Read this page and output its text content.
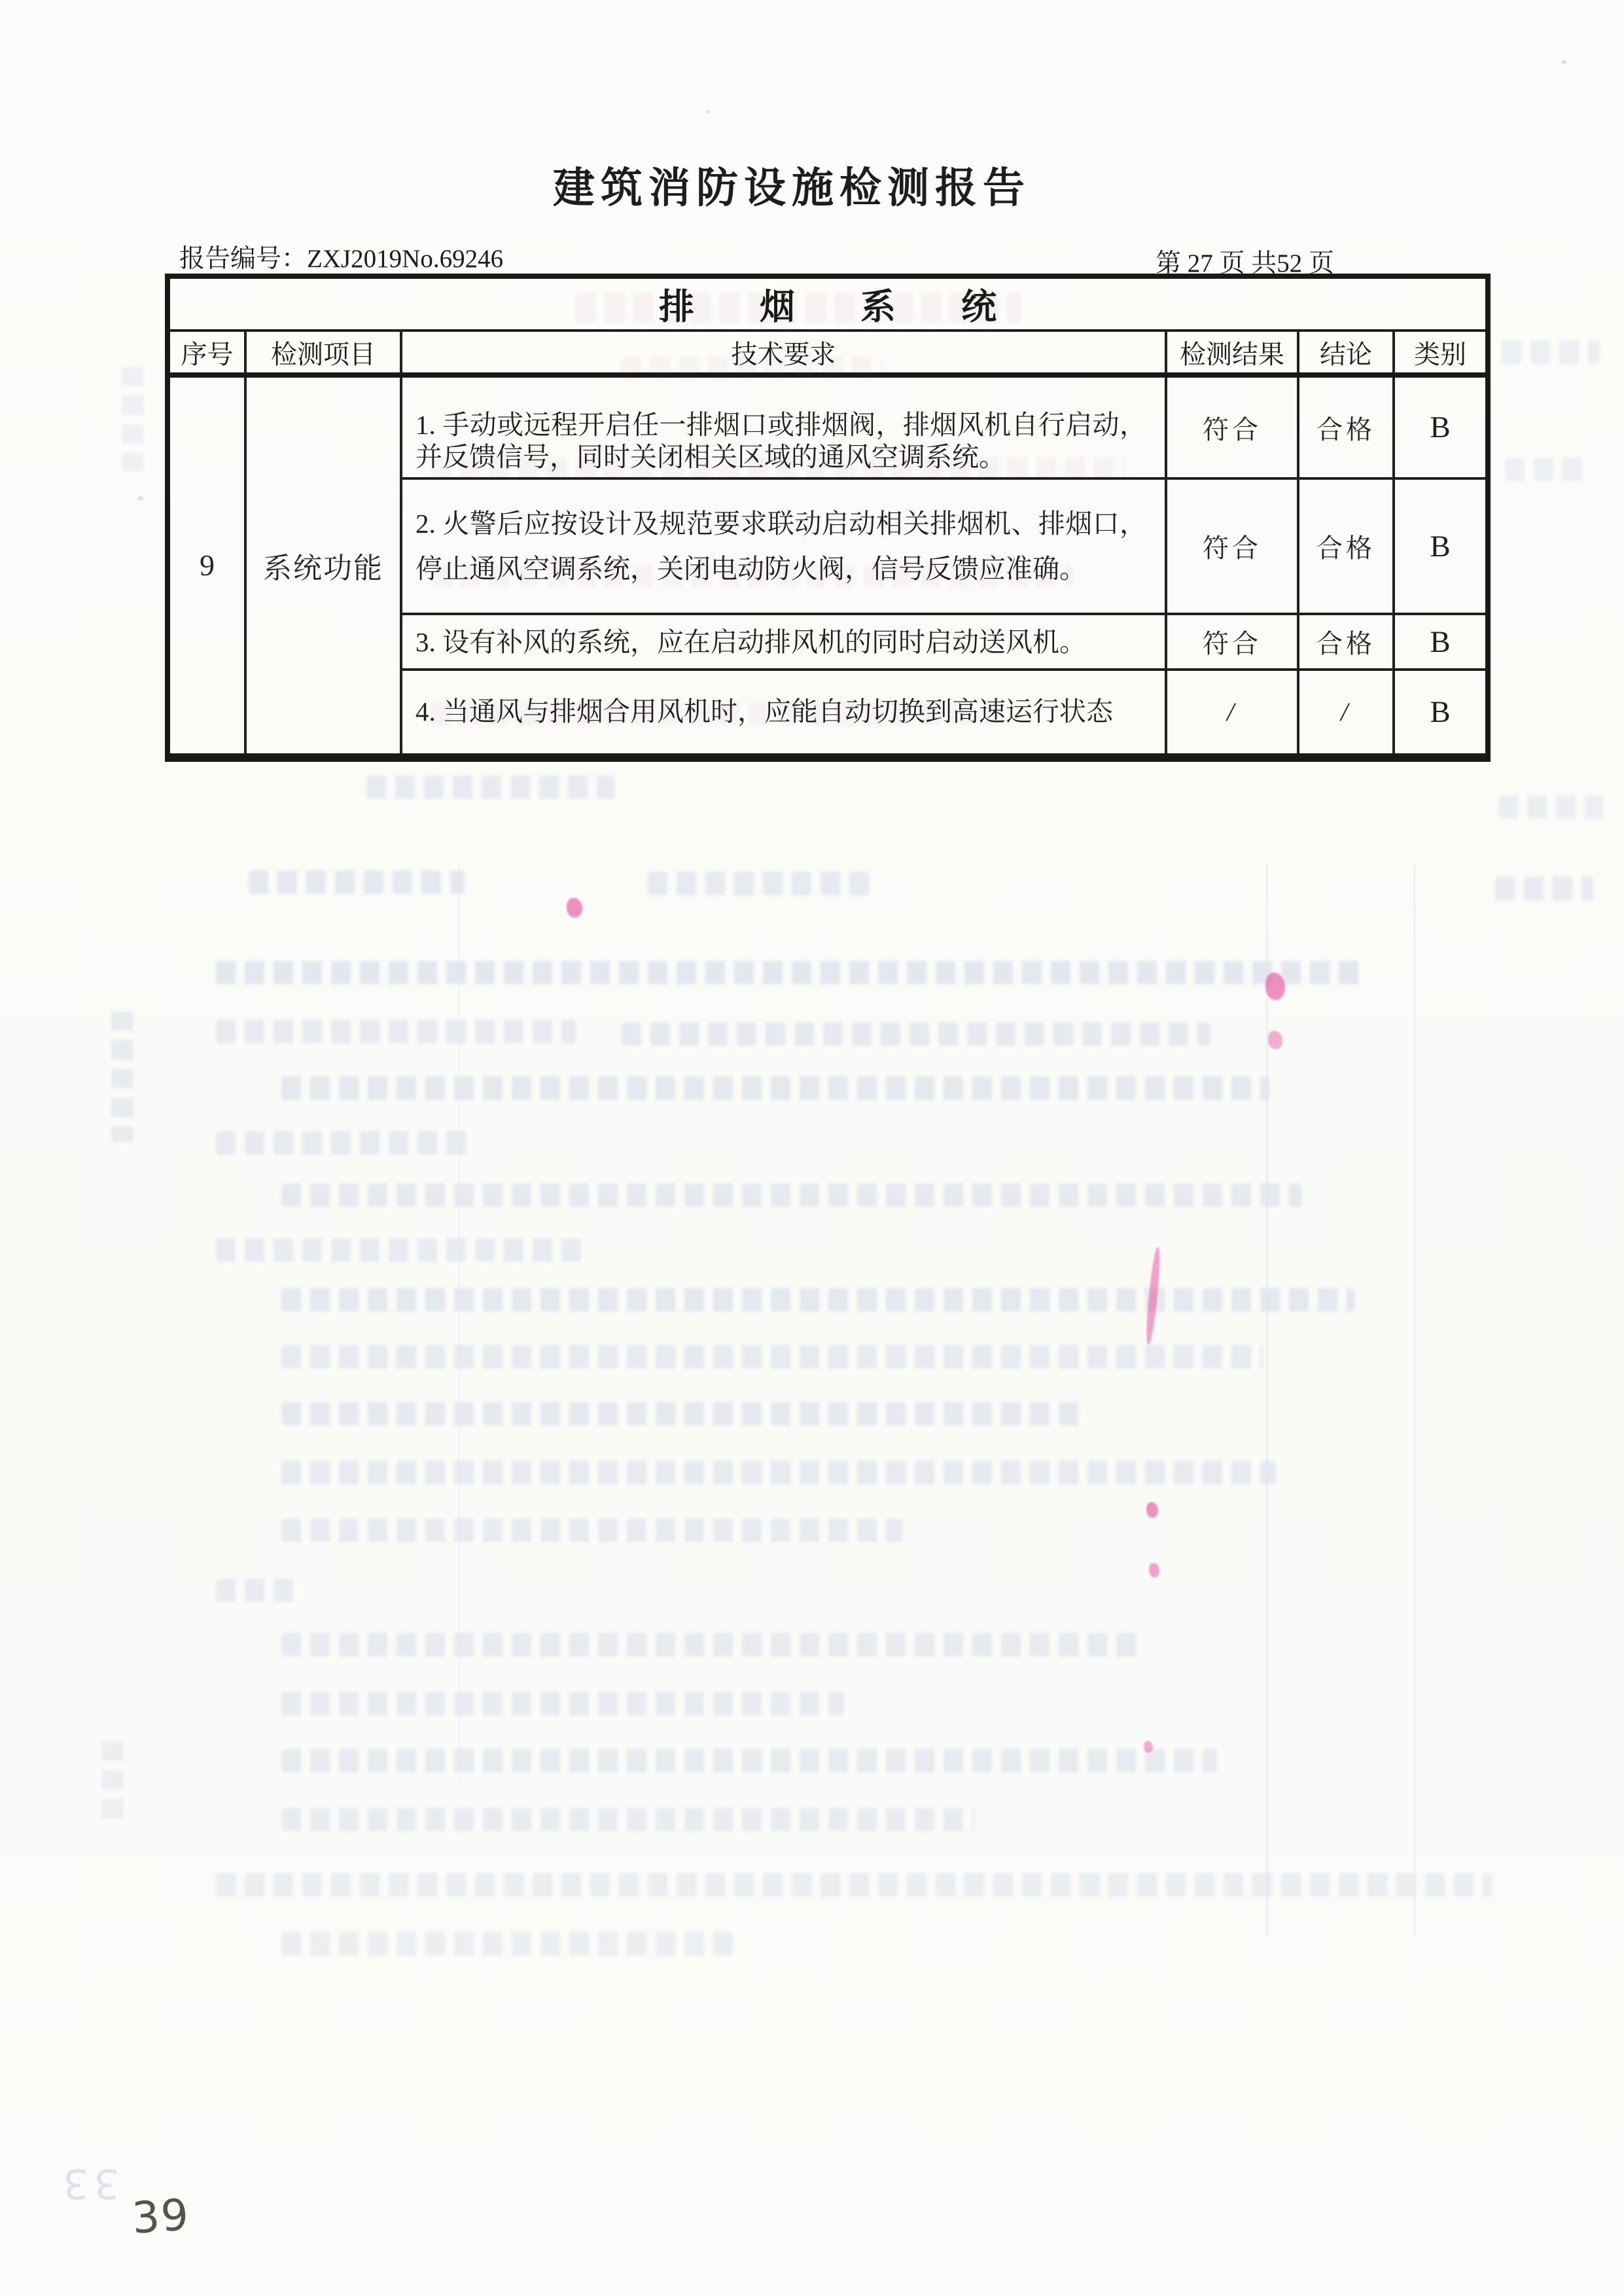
建筑消防设施检测报告
报告编号：ZXJ2019No.69246	第 27 页 共52 页
排烟系统					
序号	检测项目	技术要求	检测结果	结论	类别
9	系统功能	1. 手动或远程开启任一排烟口或排烟阀，排烟风机自行启动，并反馈信号，同时关闭相关区域的通风空调系统。	符合	合格	B
		2. 火警后应按设计及规范要求联动启动相关排烟机、排烟口，停止通风空调系统，关闭电动防火阀，信号反馈应准确。	符合	合格	B
		3. 设有补风的系统，应在启动排风机的同时启动送风机。	符合	合格	B
		4. 当通风与排烟合用风机时，应能自动切换到高速运行状态	/	/	B
33
39
